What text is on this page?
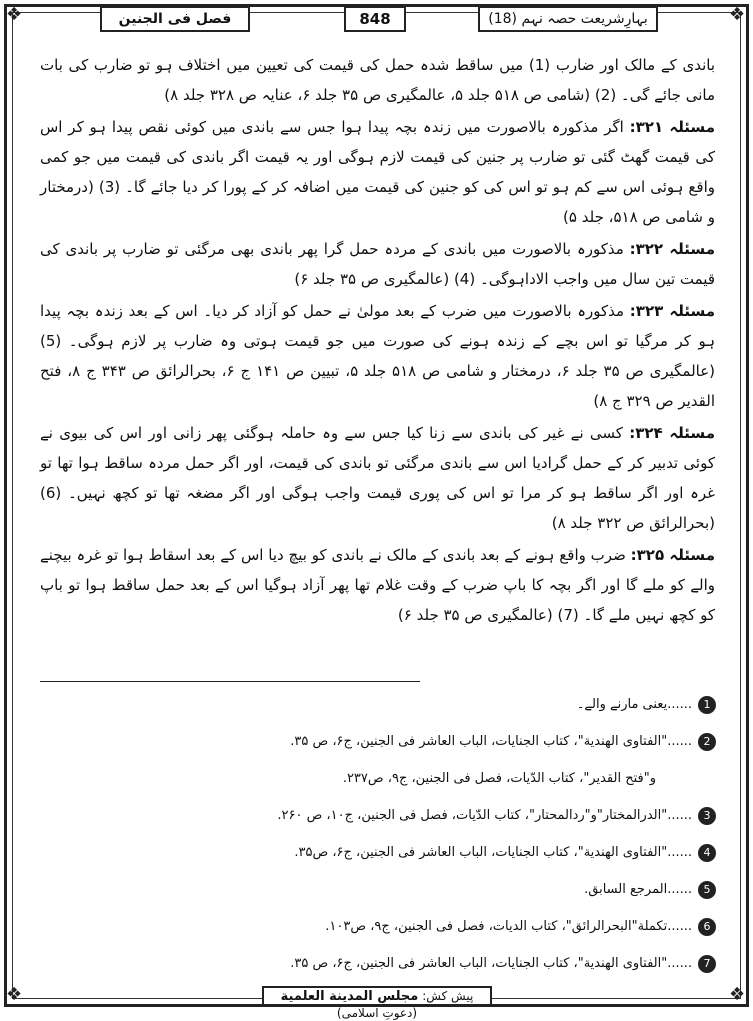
❖	❖
❖	❖
فصل فی الجنین	848	بہارِشریعت حصہ نہم (18)

باندی کے مالک اور ضارب (1) میں ساقط شدہ حمل کی قیمت کی تعیین میں اختلاف ہو تو ضارب کی بات مانی جائے گی۔ (2) (شامی ص ۵۱۸ جلد ۵، عالمگیری ص ۳۵ جلد ۶، عنایہ ص ۳۲۸ جلد ۸)

مسئلہ ۳۲۱: اگر مذکورہ بالاصورت میں زندہ بچہ پیدا ہوا جس سے باندی میں کوئی نقص پیدا ہو کر اس کی قیمت گھٹ گئی تو ضارب پر جنین کی قیمت لازم ہوگی اور یہ قیمت اگر باندی کی قیمت میں جو کمی واقع ہوئی اس سے کم ہو تو اس کی کو جنین کی قیمت میں اضافہ کر کے پورا کر دیا جائے گا۔ (3) (درمختار و شامی ص ۵۱۸، جلد ۵)

مسئلہ ۳۲۲: مذکورہ بالاصورت میں باندی کے مردہ حمل گرا پھر باندی بھی مرگئی تو ضارب پر باندی کی قیمت تین سال میں واجب الاداہوگی۔ (4) (عالمگیری ص ۳۵ جلد ۶)

مسئلہ ۳۲۳: مذکورہ بالاصورت میں ضرب کے بعد مولیٰ نے حمل کو آزاد کر دیا۔ اس کے بعد زندہ بچہ پیدا ہو کر مرگیا تو اس بچے کے زندہ ہونے کی صورت میں جو قیمت ہوتی وہ ضارب پر لازم ہوگی۔ (5) (عالمگیری ص ۳۵ جلد ۶، درمختار و شامی ص ۵۱۸ جلد ۵، تبیین ص ۱۴۱ ج ۶، بحرالرائق ص ۳۴۳ ج ۸، فتح القدیر ص ۳۲۹ ج ۸)

مسئلہ ۳۲۴: کسی نے غیر کی باندی سے زنا کیا جس سے وہ حاملہ ہوگئی پھر زانی اور اس کی بیوی نے کوئی تدبیر کر کے حمل گرادیا اس سے باندی مرگئی تو باندی کی قیمت، اور اگر حمل مردہ ساقط ہوا تھا تو غرہ اور اگر ساقط ہو کر مرا تو اس کی پوری قیمت واجب ہوگی اور اگر مضغہ تھا تو کچھ نہیں۔ (6) (بحرالرائق ص ۳۲۲ جلد ۸)

مسئلہ ۳۲۵: ضرب واقع ہونے کے بعد باندی کے مالک نے باندی کو بیچ دیا اس کے بعد اسقاط ہوا تو غرہ بیچنے والے کو ملے گا اور اگر بچہ کا باپ ضرب کے وقت غلام تھا پھر آزاد ہوگیا اس کے بعد حمل ساقط ہوا تو باپ کو کچھ نہیں ملے گا۔ (7) (عالمگیری ص ۳۵ جلد ۶)

1
......یعنی مارنے والے۔
2
......"الفتاوی الھندیة"، کتاب الجنایات، الباب العاشر فی الجنین، ج۶، ص ۳۵.
و"فتح القدیر"، کتاب الدّیات، فصل فی الجنین، ج۹، ص۲۳۷.
3
......"الدرالمختار"و"ردالمحتار"، کتاب الدّیات، فصل فی الجنین، ج۱۰، ص ۲۶۰.
4
......"الفتاوی الھندیة"، کتاب الجنایات، الباب العاشر فی الجنین، ج۶، ص۳۵.
5
......المرجع السابق.
6
......تکملة"البحرالرائق"، کتاب الدیات، فصل فی الجنین، ج۹، ص۱۰۳.
7
......"الفتاوی الھندیة"، کتاب الجنایات، الباب العاشر فی الجنین، ج۶، ص ۳۵.
پیش کش: مجلس المدینة العلمیة (دعوتِ اسلامی)
